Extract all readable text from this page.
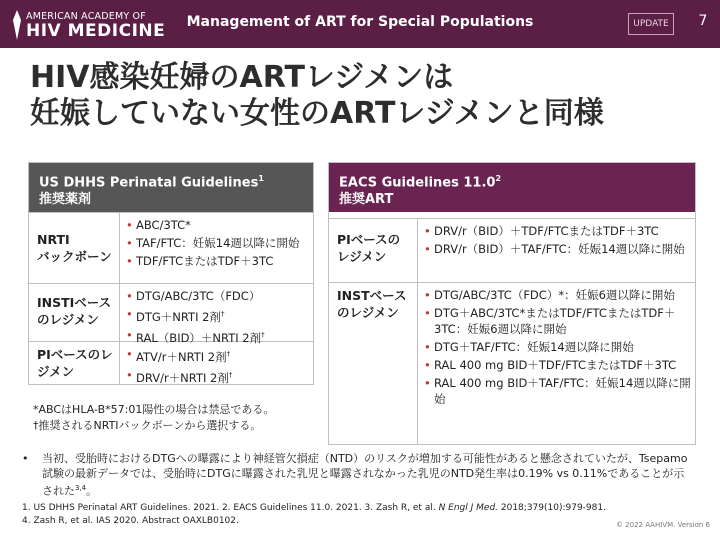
AMERICAN ACADEMY OF
HIV MEDICINE	Management of ART for Special Populations	UPDATE	7
HIV感染妊婦のARTレジメンは
妊娠していない女性のARTレジメンと同様
US DHHS Perinatal Guidelines$^1$
推奨薬剤
NRTI
バックボーン
• ABC/3TC*
• TAF/FTC：妊娠14週以降に開始
• TDF/FTCまたはTDF＋3TC
INSTIベースのレジメン
• DTG/ABC/3TC（FDC）
• DTG＋NRTI 2剤†
• RAL（BID）＋NRTI 2剤†
PIベースのレジメン
• ATV/r＋NRTI 2剤†
• DRV/r＋NRTI 2剤†
EACS Guidelines 11.0$^2$
推奨ART
PIベースのレジメン
• DRV/r（BID）＋TDF/FTCまたはTDF＋3TC
• DRV/r（BID）＋TAF/FTC：妊娠14週以降に開始
INSTベースのレジメン
• DTG/ABC/3TC（FDC）*：妊娠6週以降に開始
• DTG＋ABC/3TC*またはTDF/FTCまたはTDF＋3TC：妊娠6週以降に開始
• DTG＋TAF/FTC：妊娠14週以降に開始
• RAL 400 mg BID＋TDF/FTCまたはTDF＋3TC
• RAL 400 mg BID＋TAF/FTC：妊娠14週以降に開始
*ABCはHLA-B*57:01陽性の場合は禁忌である。
†推奨されるNRTIバックボーンから選択する。
• 当初、受胎時におけるDTGへの曝露により神経管欠損症（NTD）のリスクが増加する可能性があると懸念されていたが、Tsepamo試験の最新データでは、受胎時にDTGに曝露された乳児と曝露されなかった乳児のNTD発生率は0.19% vs 0.11%であることが示された$^{3,4}$。
1. US DHHS Perinatal ART Guidelines. 2021. 2. EACS Guidelines 11.0. 2021. 3. Zash R, et al. N Engl J Med. 2018;379(10):979-981.
4. Zash R, et al. IAS 2020. Abstract OAXLB0102.	© 2022 AAHIVM. Version 6
